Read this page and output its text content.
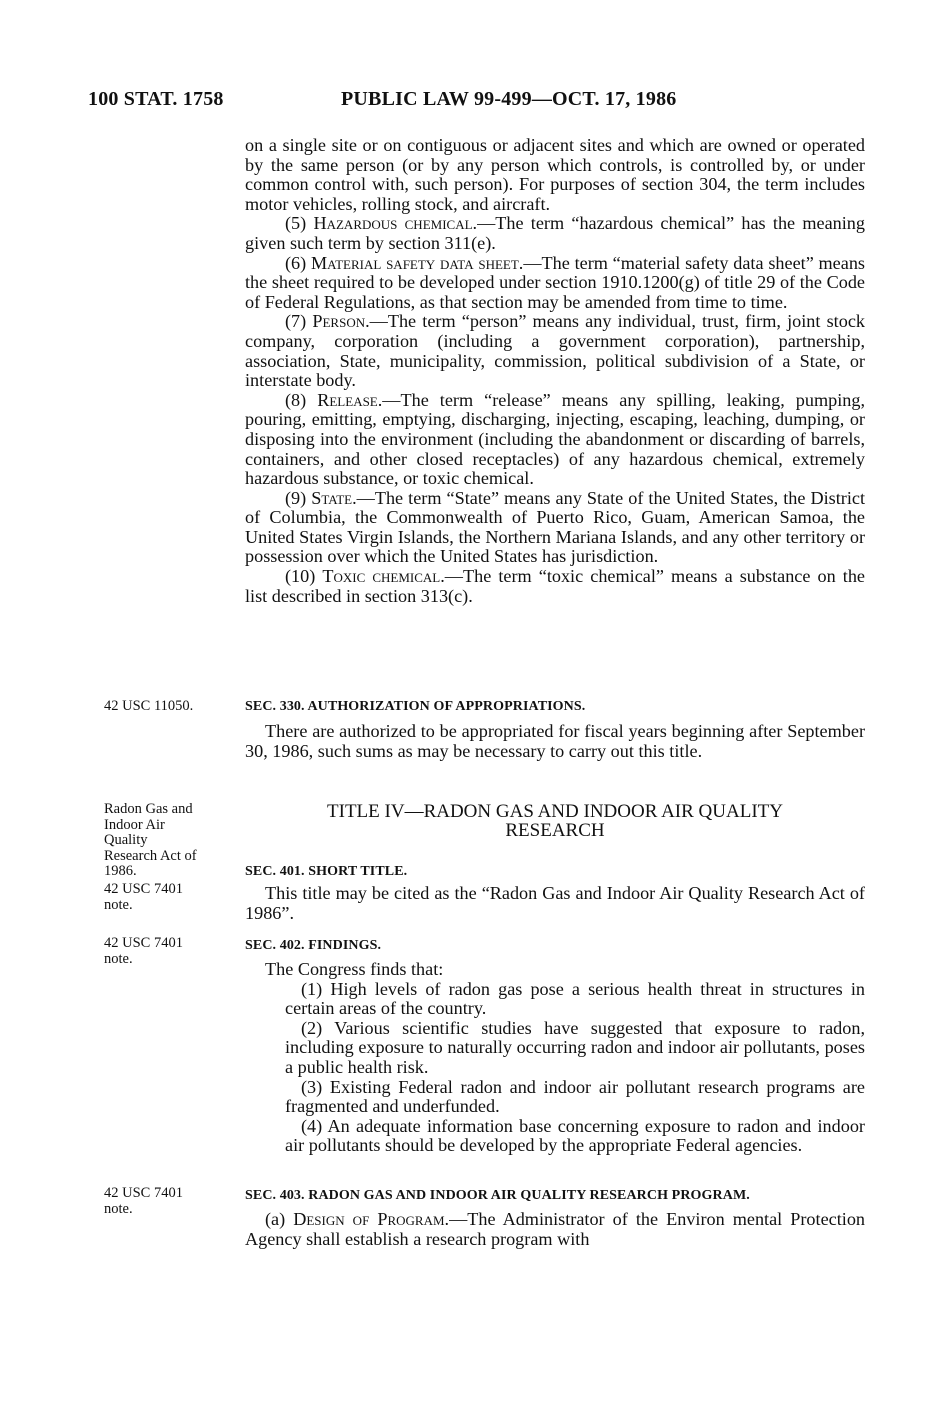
100 STAT. 1758	PUBLIC LAW 99-499—OCT. 17, 1986

on a single site or on contiguous or adjacent sites and which are owned or operated by the same person (or by any person which controls, is controlled by, or under common control with, such person). For purposes of section 304, the term includes motor vehicles, rolling stock, and aircraft.

(5) Hazardous chemical.—The term “hazardous chemical” has the meaning given such term by section 311(e).

(6) Material safety data sheet.—The term “material safety data sheet” means the sheet required to be developed under section 1910.1200(g) of title 29 of the Code of Federal Regulations, as that section may be amended from time to time.

(7) Person.—The term “person” means any individual, trust, firm, joint stock company, corporation (including a government corporation), partnership, association, State, municipality, commission, political subdivision of a State, or interstate body.

(8) Release.—The term “release” means any spilling, leaking, pumping, pouring, emitting, emptying, discharging, injecting, escaping, leaching, dumping, or disposing into the environment (including the abandonment or discarding of barrels, containers, and other closed receptacles) of any hazardous chemical, extremely hazardous substance, or toxic chemical.

(9) State.—The term “State” means any State of the United States, the District of Columbia, the Commonwealth of Puerto Rico, Guam, American Samoa, the United States Virgin Islands, the Northern Mariana Islands, and any other territory or possession over which the United States has jurisdiction.

(10) Toxic chemical.—The term “toxic chemical” means a substance on the list described in section 313(c).

SEC. 330. AUTHORIZATION OF APPROPRIATIONS.

There are authorized to be appropriated for fiscal years beginning after September 30, 1986, such sums as may be necessary to carry out this title.

TITLE IV—RADON GAS AND INDOOR AIR QUALITY

RESEARCH

SEC. 401. SHORT TITLE.

This title may be cited as the “Radon Gas and Indoor Air Quality Research Act of 1986”.

SEC. 402. FINDINGS.

The Congress finds that:

(1) High levels of radon gas pose a serious health threat in structures in certain areas of the country.

(2) Various scientific studies have suggested that exposure to radon, including exposure to naturally occurring radon and indoor air pollutants, poses a public health risk.

(3) Existing Federal radon and indoor air pollutant research programs are fragmented and underfunded.

(4) An adequate information base concerning exposure to radon and indoor air pollutants should be developed by the appropriate Federal agencies.

SEC. 403. RADON GAS AND INDOOR AIR QUALITY RESEARCH PROGRAM.

(a) Design of Program.—The Administrator of the Environ mental Protection Agency shall establish a research program with

42 USC 11050.
Radon Gas and
Indoor Air
Quality
Research Act of
1986.
42 USC 7401
note.
42 USC 7401
note.
42 USC 7401
note.
